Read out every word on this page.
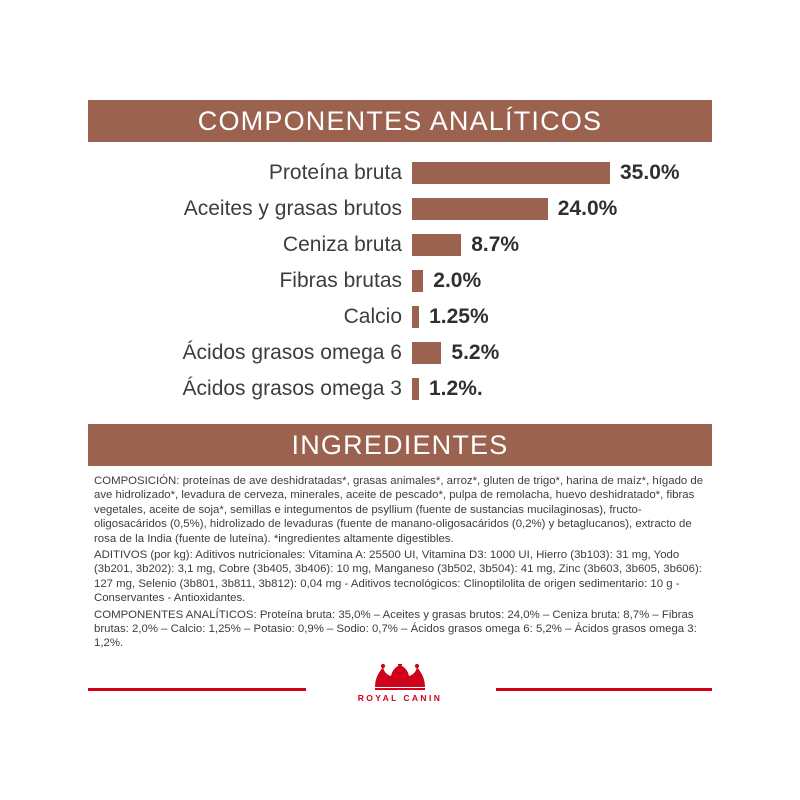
COMPONENTES ANALÍTICOS
Proteína bruta	35.0%
Aceites y grasas brutos	24.0%
Ceniza bruta	8.7%
Fibras brutas	2.0%
Calcio	1.25%
Ácidos grasos omega 6	5.2%
Ácidos grasos omega 3	1.2%.
INGREDIENTES

COMPOSICIÓN: proteínas de ave deshidratadas*, grasas animales*, arroz*, gluten de trigo*, harina de maíz*, hígado de ave hidrolizado*, levadura de cerveza, minerales, aceite de pescado*, pulpa de remolacha, huevo deshidratado*, fibras vegetales, aceite de soja*, semillas e integumentos de psyllium (fuente de sustancias mucilaginosas), fructo-oligosacáridos (0,5%), hidrolizado de levaduras (fuente de manano-oligosacáridos (0,2%) y betaglucanos), extracto de rosa de la India (fuente de luteína). *ingredientes altamente digestibles.

ADITIVOS (por kg): Aditivos nutricionales: Vitamina A: 25500 UI, Vitamina D3: 1000 UI, Hierro (3b103): 31 mg, Yodo (3b201, 3b202): 3,1 mg, Cobre (3b405, 3b406): 10 mg, Manganeso (3b502, 3b504): 41 mg, Zinc (3b603, 3b605, 3b606): 127 mg, Selenio (3b801, 3b811, 3b812): 0,04 mg - Aditivos tecnológicos: Clinoptilolita de origen sedimentario: 10 g - Conservantes - Antioxidantes.

COMPONENTES ANALÍTICOS: Proteína bruta: 35,0% – Aceites y grasas brutos: 24,0% – Ceniza bruta: 8,7% – Fibras brutas: 2,0% – Calcio: 1,25% – Potasio: 0,9% – Sodio: 0,7% – Ácidos grasos omega 6: 5,2% – Ácidos grasos omega 3: 1,2%.

ROYAL CANIN
